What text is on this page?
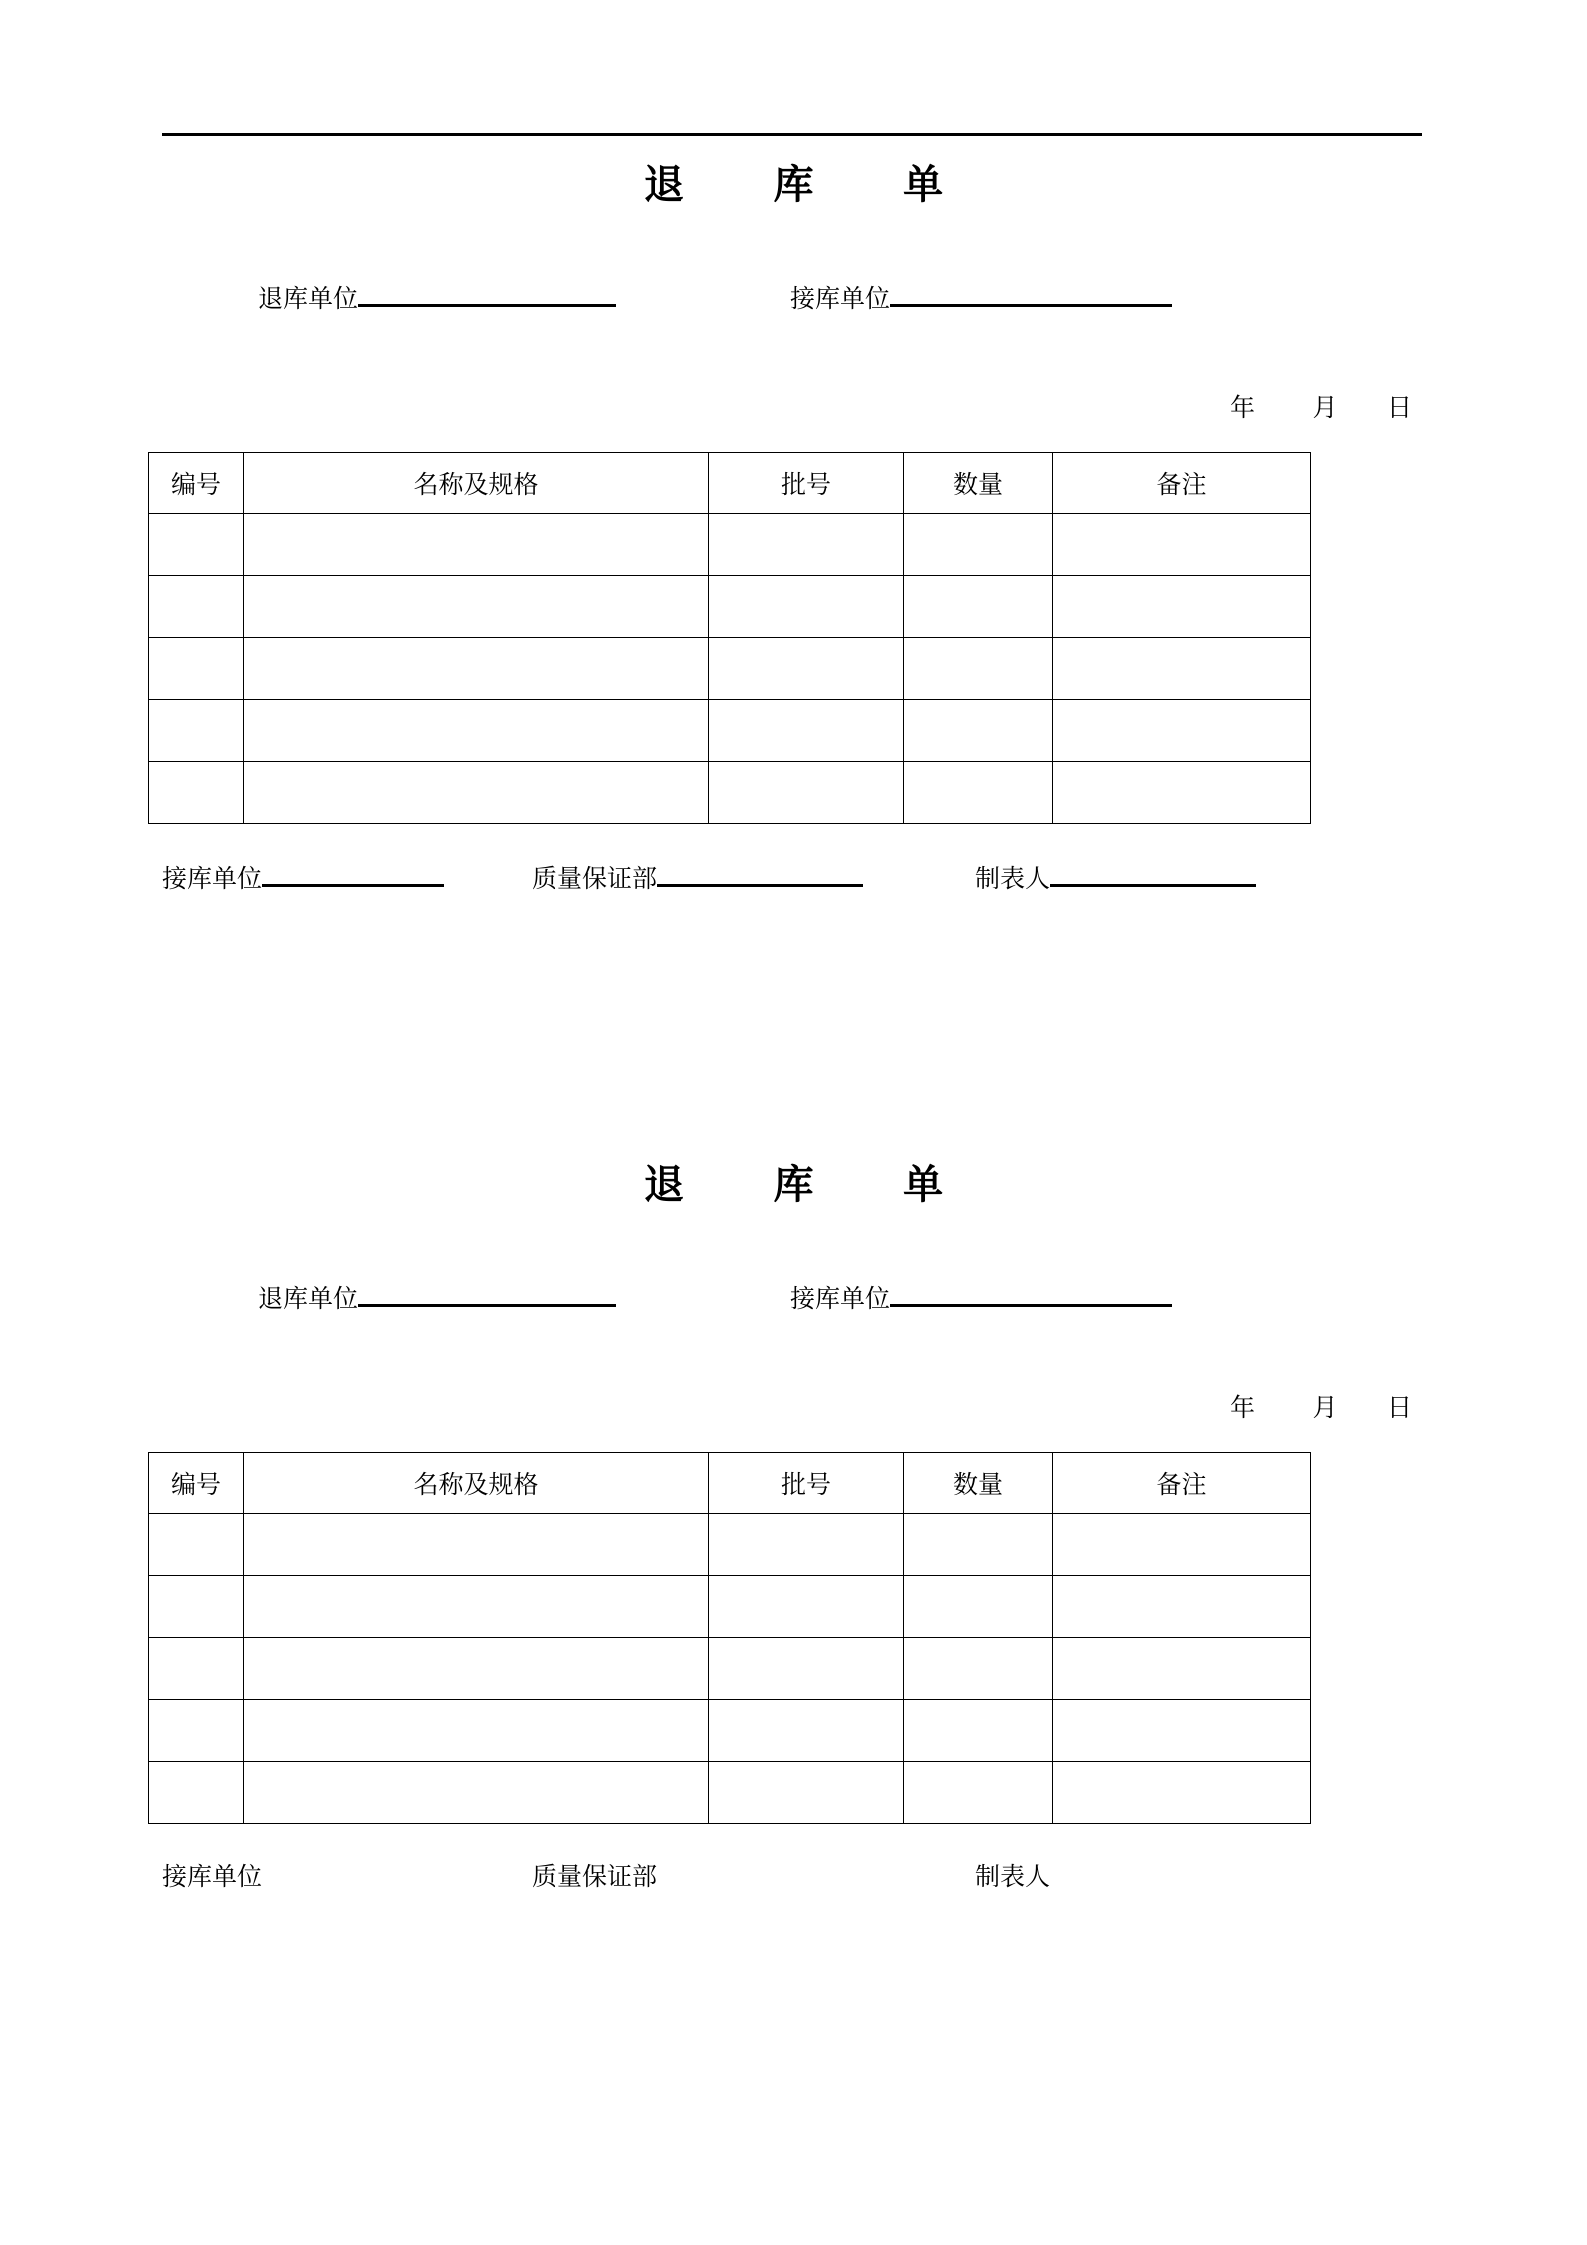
退　库　单
退库单位	接库单位
年 月 日
编号	名称及规格	批号	数量	备注

接库单位	质量保证部	制表人
退　库　单
退库单位	接库单位
年 月 日
编号	名称及规格	批号	数量	备注

接库单位	质量保证部	制表人
